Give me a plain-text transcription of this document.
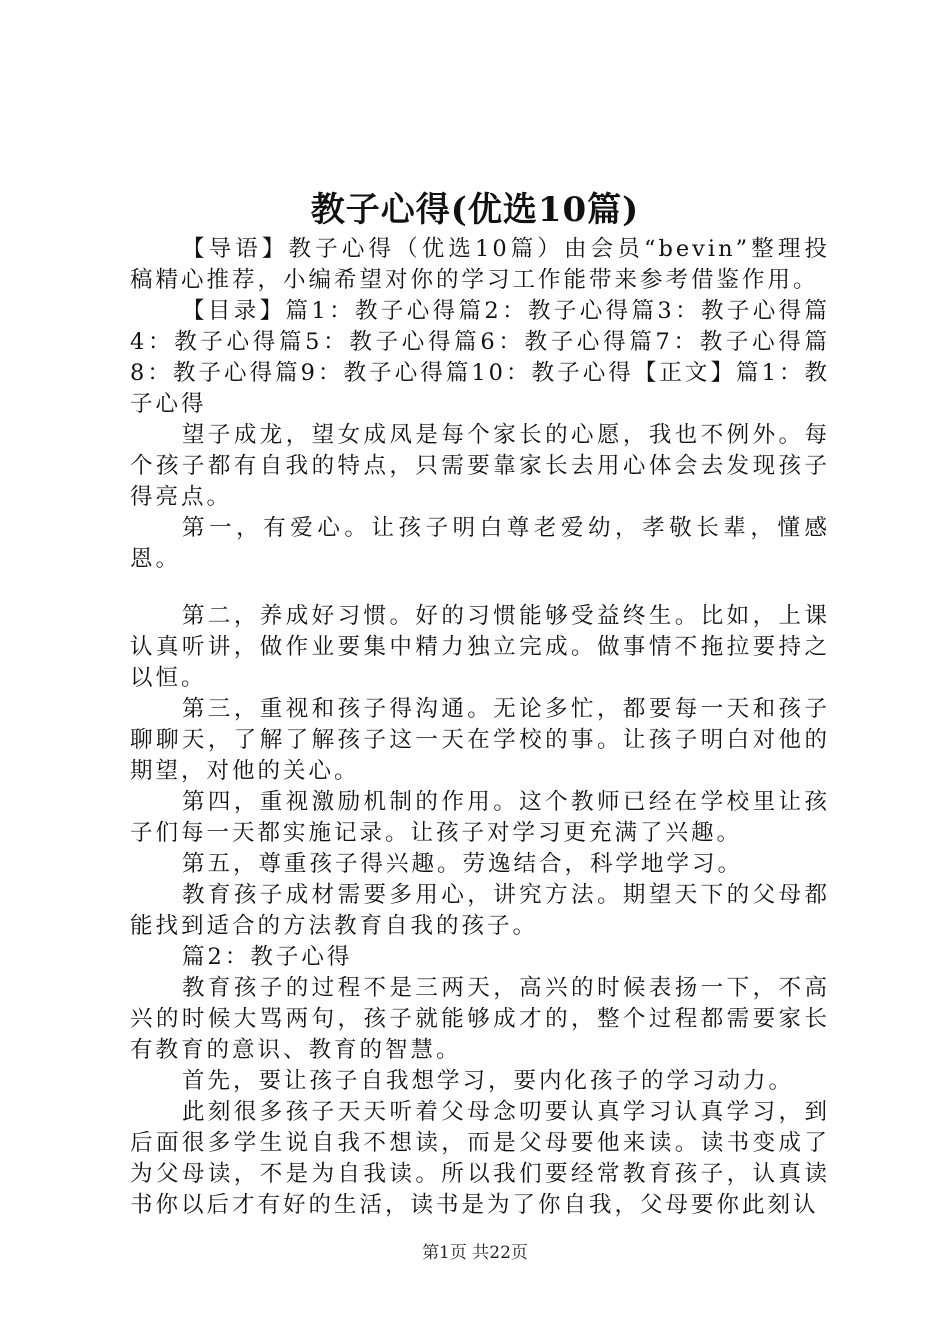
教子心得(优选10篇)

【导语】教子心得（优选10篇）由会员“bevin”整理投稿精心推荐，小编希望对你的学习工作能带来参考借鉴作用。

【目录】篇1：教子心得篇2：教子心得篇3：教子心得篇4：教子心得篇5：教子心得篇6：教子心得篇7：教子心得篇8：教子心得篇9：教子心得篇10：教子心得【正文】篇1：教子心得

望子成龙，望女成凤是每个家长的心愿，我也不例外。每个孩子都有自我的特点，只需要靠家长去用心体会去发现孩子得亮点。

第一，有爱心。让孩子明白尊老爱幼，孝敬长辈，懂感恩。

第二，养成好习惯。好的习惯能够受益终生。比如，上课认真听讲，做作业要集中精力独立完成。做事情不拖拉要持之以恒。

第三，重视和孩子得沟通。无论多忙，都要每一天和孩子聊聊天，了解了解孩子这一天在学校的事。让孩子明白对他的期望，对他的关心。

第四，重视激励机制的作用。这个教师已经在学校里让孩子们每一天都实施记录。让孩子对学习更充满了兴趣。

第五，尊重孩子得兴趣。劳逸结合，科学地学习。

教育孩子成材需要多用心，讲究方法。期望天下的父母都能找到适合的方法教育自我的孩子。

篇2：教子心得

教育孩子的过程不是三两天，高兴的时候表扬一下，不高兴的时候大骂两句，孩子就能够成才的，整个过程都需要家长有教育的意识、教育的智慧。

首先，要让孩子自我想学习，要内化孩子的学习动力。

此刻很多孩子天天听着父母念叨要认真学习认真学习，到后面很多学生说自我不想读，而是父母要他来读。读书变成了为父母读，不是为自我读。所以我们要经常教育孩子，认真读书你以后才有好的生活，读书是为了你自我，父母要你此刻认

第1页 共22页
